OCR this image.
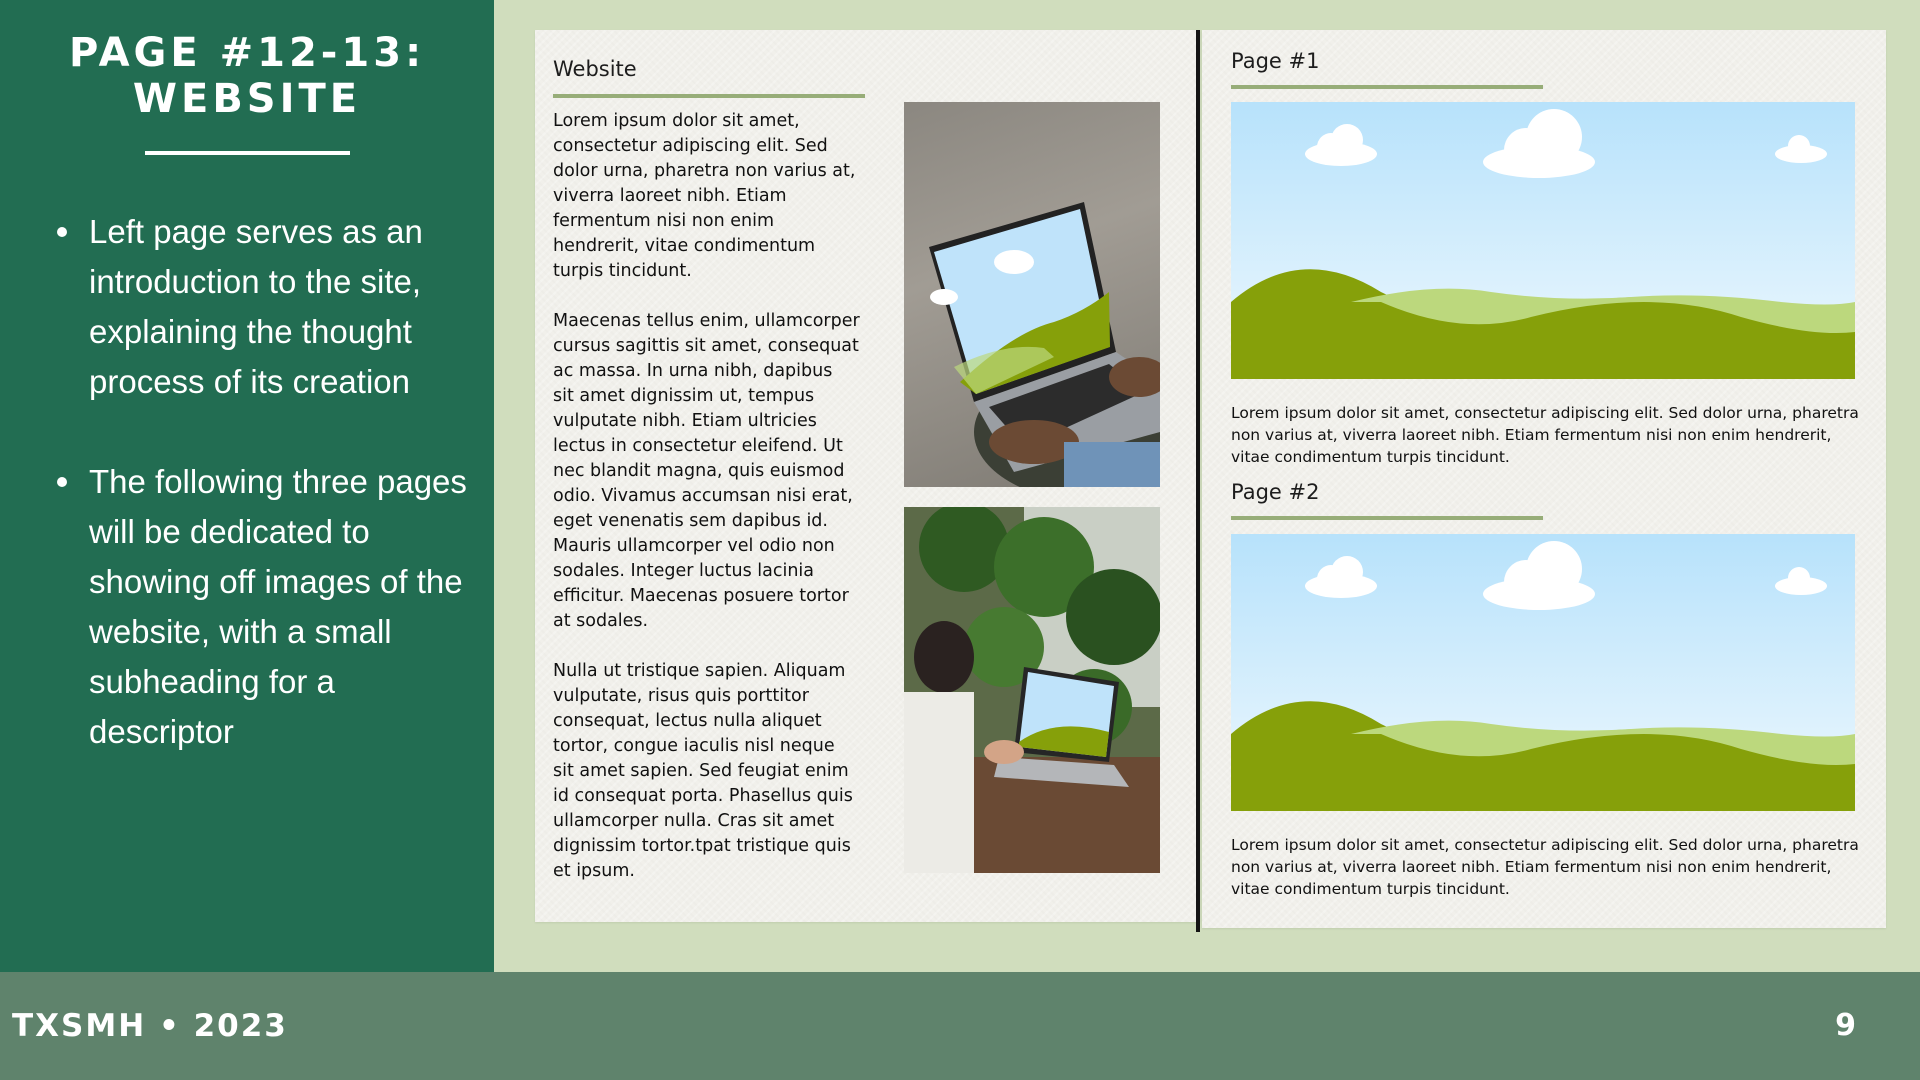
PAGE #12-13:
WEBSITE
Left page serves as an introduction to the site, explaining the thought process of its creation
The following three pages will be dedicated to showing off images of the website, with a small subheading for a descriptor
Website
Lorem ipsum dolor sit amet,
consectetur adipiscing elit. Sed
dolor urna, pharetra non varius at,
viverra laoreet nibh. Etiam
fermentum nisi non enim
hendrerit, vitae condimentum
turpis tincidunt.
Maecenas tellus enim, ullamcorper
cursus sagittis sit amet, consequat
ac massa. In urna nibh, dapibus
sit amet dignissim ut, tempus
vulputate nibh. Etiam ultricies
lectus in consectetur eleifend. Ut
nec blandit magna, quis euismod
odio. Vivamus accumsan nisi erat,
eget venenatis sem dapibus id.
Mauris ullamcorper vel odio non
sodales. Integer luctus lacinia
efficitur. Maecenas posuere tortor
at sodales.
Nulla ut tristique sapien. Aliquam
vulputate, risus quis porttitor
consequat, lectus nulla aliquet
tortor, congue iaculis nisl neque
sit amet sapien. Sed feugiat enim
id consequat porta. Phasellus quis
ullamcorper nulla. Cras sit amet
dignissim tortor.tpat tristique quis
et ipsum.
Page #1
Lorem ipsum dolor sit amet, consectetur adipiscing elit. Sed dolor urna, pharetra non varius at, viverra laoreet nibh. Etiam fermentum nisi non enim hendrerit, vitae condimentum turpis tincidunt.
Page #2
Lorem ipsum dolor sit amet, consectetur adipiscing elit. Sed dolor urna, pharetra non varius at, viverra laoreet nibh. Etiam fermentum nisi non enim hendrerit, vitae condimentum turpis tincidunt.
TXSMH • 2023	9
